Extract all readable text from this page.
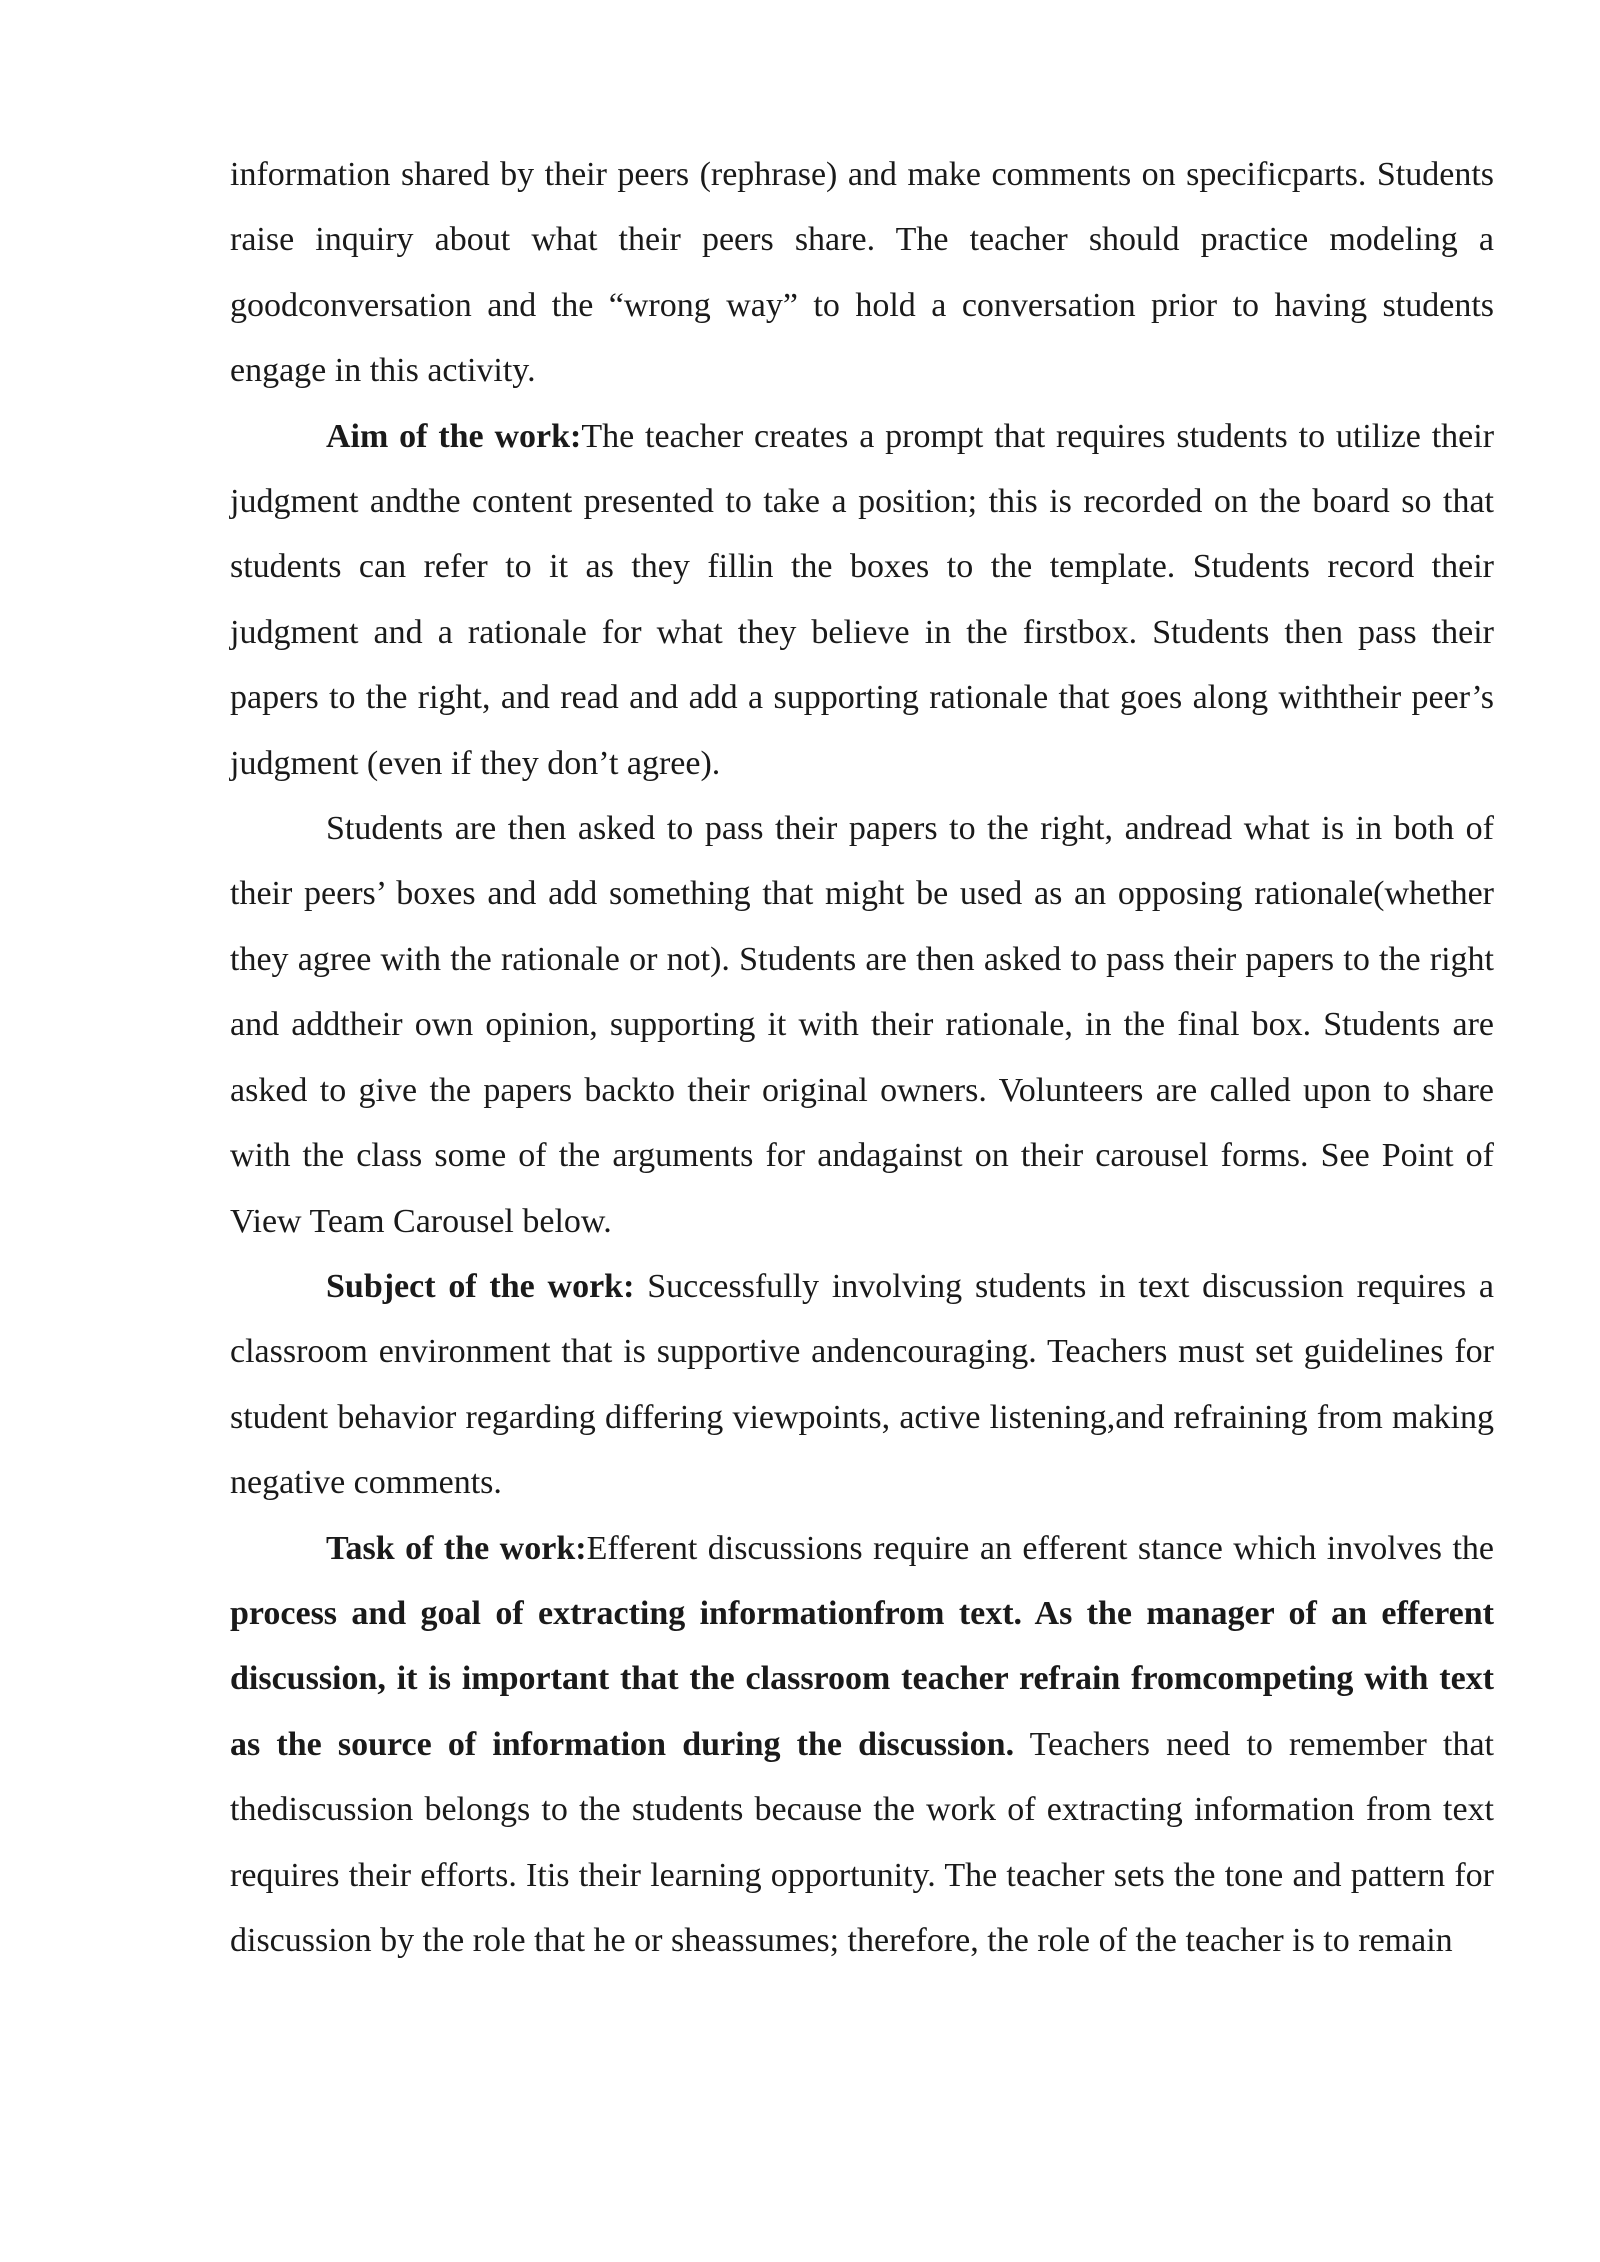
information shared by their peers (rephrase) and make comments on specificparts. Students raise inquiry about what their peers share. The teacher should practice modeling a goodconversation and the “wrong way” to hold a conversation prior to having students engage in this activity.

Aim of the work:The teacher creates a prompt that requires students to utilize their judgment andthe content presented to take a position; this is recorded on the board so that students can refer to it as they fillin the boxes to the template. Students record their judgment and a rationale for what they believe in the firstbox. Students then pass their papers to the right, and read and add a supporting rationale that goes along withtheir peer’s judgment (even if they don’t agree).

Students are then asked to pass their papers to the right, andread what is in both of their peers’ boxes and add something that might be used as an opposing rationale(whether they agree with the rationale or not). Students are then asked to pass their papers to the right and addtheir own opinion, supporting it with their rationale, in the final box. Students are asked to give the papers backto their original owners. Volunteers are called upon to share with the class some of the arguments for andagainst on their carousel forms. See Point of View Team Carousel below.

Subject of the work: Successfully involving students in text discussion requires a classroom environment that is supportive andencouraging. Teachers must set guidelines for student behavior regarding differing viewpoints, active listening,and refraining from making negative comments.

Task of the work:Efferent discussions require an efferent stance which involves the process and goal of extracting informationfrom text. As the manager of an efferent discussion, it is important that the classroom teacher refrain fromcompeting with text as the source of information during the discussion. Teachers need to remember that thediscussion belongs to the students because the work of extracting information from text requires their efforts. Itis their learning opportunity. The teacher sets the tone and pattern for discussion by the role that he or sheassumes; therefore, the role of the teacher is to remain
